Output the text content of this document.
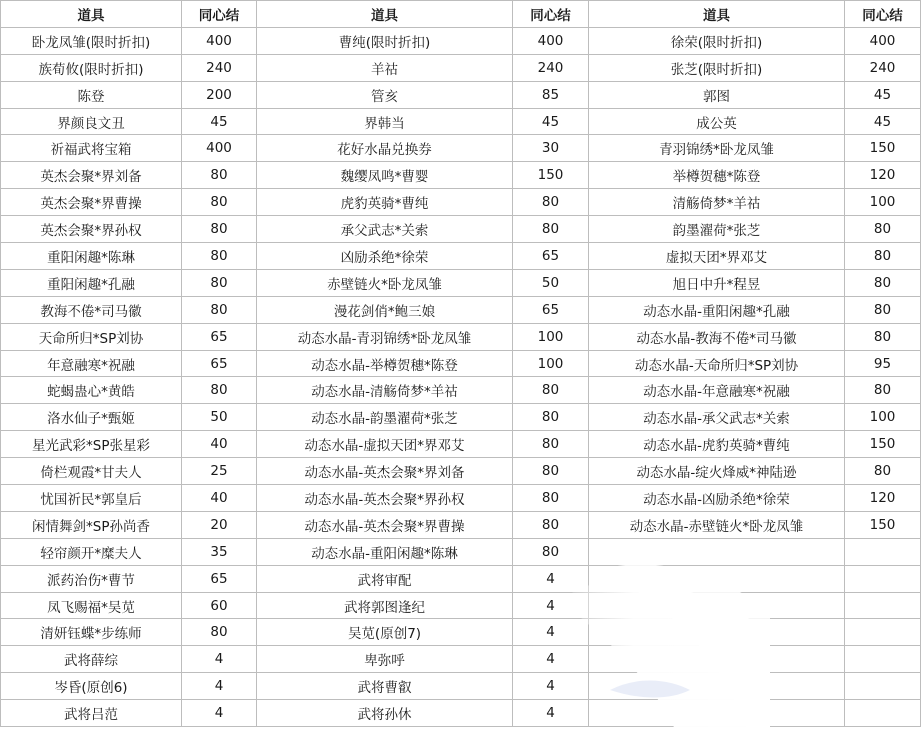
道具	同心结	道具	同心结	道具	同心结
卧龙凤雏(限时折扣)	400	曹纯(限时折扣)	400	徐荣(限时折扣)	400
族荀攸(限时折扣)	240	羊祜	240	张芝(限时折扣)	240
陈登	200	管亥	85	郭图	45
界颜良文丑	45	界韩当	45	成公英	45
祈福武将宝箱	400	花好水晶兑换券	30	青羽锦绣*卧龙凤雏	150
英杰会聚*界刘备	80	魏缨凤鸣*曹婴	150	举樽贺穗*陈登	120
英杰会聚*界曹操	80	虎豹英骑*曹纯	80	清觞倚梦*羊祜	100
英杰会聚*界孙权	80	承父武志*关索	80	韵墨濯荷*张芝	80
重阳闲趣*陈琳	80	凶励杀绝*徐荣	65	虚拟天团*界邓艾	80
重阳闲趣*孔融	80	赤壁链火*卧龙凤雏	50	旭日中升*程昱	80
教海不倦*司马徽	80	漫花剑俏*鲍三娘	65	动态水晶-重阳闲趣*孔融	80
天命所归*SP刘协	65	动态水晶-青羽锦绣*卧龙凤雏	100	动态水晶-教海不倦*司马徽	80
年意融寒*祝融	65	动态水晶-举樽贺穗*陈登	100	动态水晶-天命所归*SP刘协	95
蛇蝎蛊心*黄皓	80	动态水晶-清觞倚梦*羊祜	80	动态水晶-年意融寒*祝融	80
洛水仙子*甄姬	50	动态水晶-韵墨濯荷*张芝	80	动态水晶-承父武志*关索	100
星光武彩*SP张星彩	40	动态水晶-虚拟天团*界邓艾	80	动态水晶-虎豹英骑*曹纯	150
倚栏观霞*甘夫人	25	动态水晶-英杰会聚*界刘备	80	动态水晶-绽火烽威*神陆逊	80
忧国祈民*郭皇后	40	动态水晶-英杰会聚*界孙权	80	动态水晶-凶励杀绝*徐荣	120
闲情舞剑*SP孙尚香	20	动态水晶-英杰会聚*界曹操	80	动态水晶-赤壁链火*卧龙凤雏	150
轻帘颜开*糜夫人	35	动态水晶-重阳闲趣*陈琳	80		
派药治伤*曹节	65	武将审配	4		
凤飞赐福*吴苋	60	武将郭图逢纪	4		
清妍钰蝶*步练师	80	吴苋(原创7)	4		
武将薛综	4	卑弥呼	4		
岑昏(原创6)	4	武将曹叡	4		
武将吕范	4	武将孙休	4		
